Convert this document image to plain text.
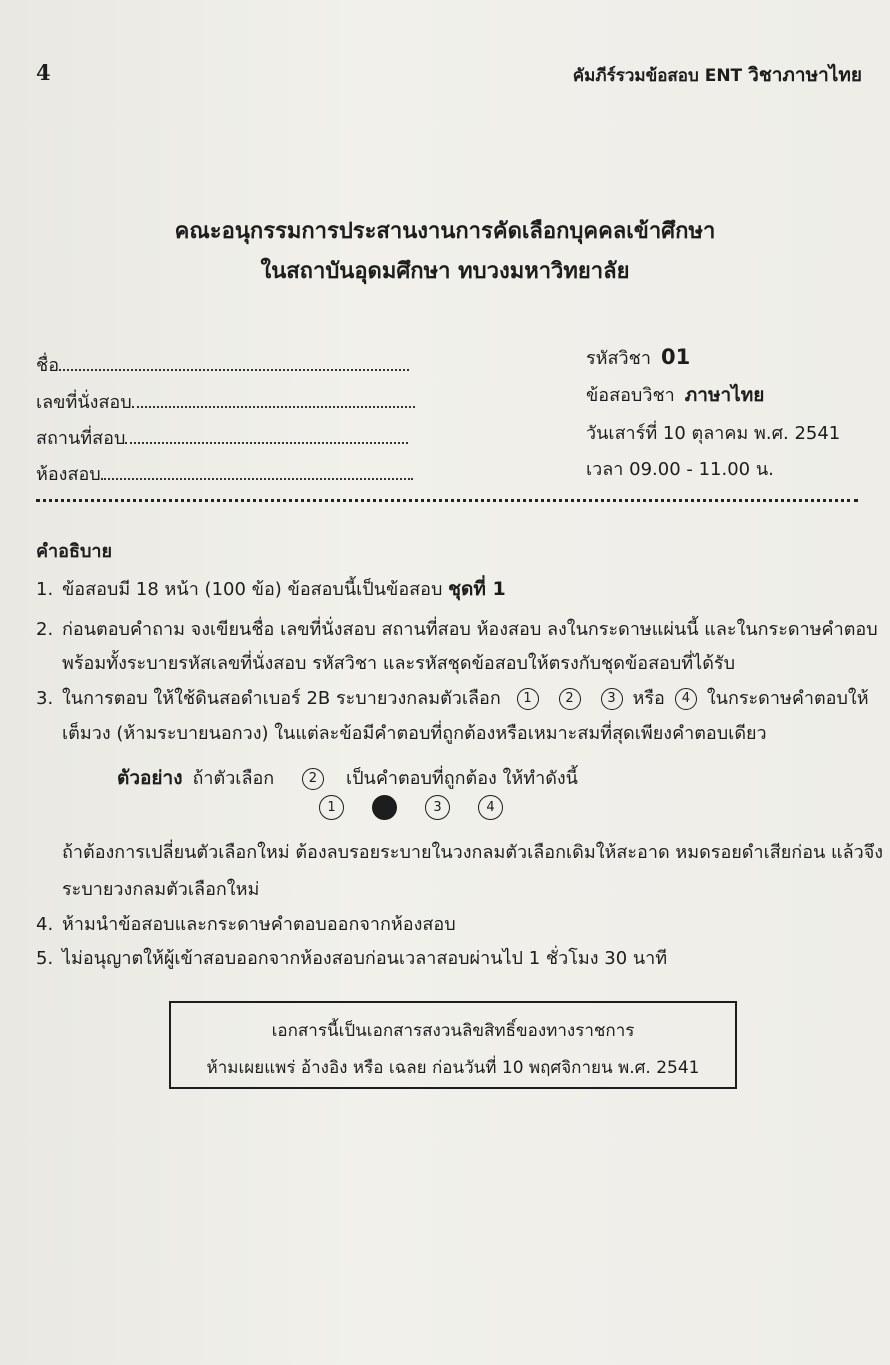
4	คัมภีร์รวมข้อสอบ ENT วิชาภาษาไทย
คณะอนุกรรมการประสานงานการคัดเลือกบุคคลเข้าศึกษา
ในสถาบันอุดมศึกษา ทบวงมหาวิทยาลัย
ชื่อ
เลขที่นั่งสอบ
สถานที่สอบ
ห้องสอบ
รหัสวิชา 01
ข้อสอบวิชา ภาษาไทย
วันเสาร์ที่ 10 ตุลาคม พ.ศ. 2541
เวลา 09.00 - 11.00 น.
คำอธิบาย
1. ข้อสอบมี 18 หน้า (100 ข้อ) ข้อสอบนี้เป็นข้อสอบ ชุดที่ 1
2. ก่อนตอบคำถาม จงเขียนชื่อ เลขที่นั่งสอบ สถานที่สอบ ห้องสอบ ลงในกระดาษแผ่นนี้ และในกระดาษคำตอบ
พร้อมทั้งระบายรหัสเลขที่นั่งสอบ รหัสวิชา และรหัสชุดข้อสอบให้ตรงกับชุดข้อสอบที่ได้รับ
3. ในการตอบ ให้ใช้ดินสอดำเบอร์ 2B ระบายวงกลมตัวเลือก 1	2	3 หรือ 4 ในกระดาษคำตอบให้
เต็มวง (ห้ามระบายนอกวง) ในแต่ละข้อมีคำตอบที่ถูกต้องหรือเหมาะสมที่สุดเพียงคำตอบเดียว
ตัวอย่าง ถ้าตัวเลือก	2 เป็นคำตอบที่ถูกต้อง ให้ทำดังนี้
1	3	4
ถ้าต้องการเปลี่ยนตัวเลือกใหม่ ต้องลบรอยระบายในวงกลมตัวเลือกเดิมให้สะอาด หมดรอยดำเสียก่อน แล้วจึง
ระบายวงกลมตัวเลือกใหม่
4. ห้ามนำข้อสอบและกระดาษคำตอบออกจากห้องสอบ
5. ไม่อนุญาตให้ผู้เข้าสอบออกจากห้องสอบก่อนเวลาสอบผ่านไป 1 ชั่วโมง 30 นาที
เอกสารนี้เป็นเอกสารสงวนลิขสิทธิ์ของทางราชการ
ห้ามเผยแพร่ อ้างอิง หรือ เฉลย ก่อนวันที่ 10 พฤศจิกายน พ.ศ. 2541
